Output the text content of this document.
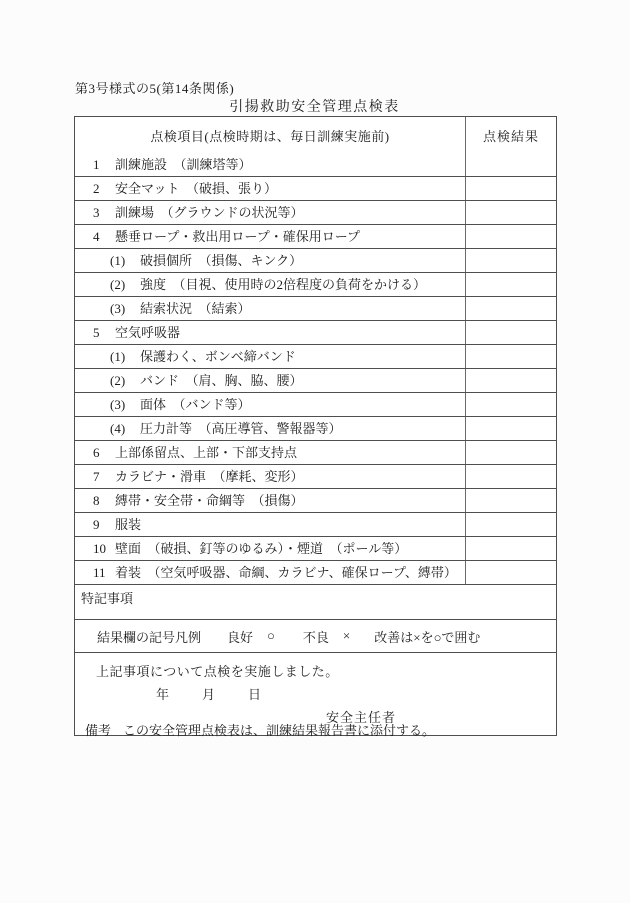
第3号様式の5(第14条関係)
引揚救助安全管理点検表
点検項目(点検時期は、毎日訓練実施前)	点検結果
1	訓練施設　（訓練塔等）
2	安全マット　（破損、張り）
3	訓練場　（グラウンドの状況等）
4	懸垂ロープ・救出用ロープ・確保用ロープ
(1)	破損個所　（損傷、キンク）
(2)	強度　（目視、使用時の2倍程度の負荷をかける）
(3)	結索状況　（結索）
5	空気呼吸器
(1)	保護わく、ボンベ締バンド
(2)	バンド　（肩、胸、脇、腰）
(3)	面体　（バンド等）
(4)	圧力計等　（高圧導管、警報器等）
6	上部係留点、上部・下部支持点
7	カラビナ・滑車　（摩耗、変形）
8	縛帯・安全帯・命綱等　（損傷）
9	服装
10 壁面　（破損、釘等のゆるみ）・煙道　（ポール等）
11 着装　（空気呼吸器、命綱、カラビナ、確保ロープ、縛帯）
特記事項
結果欄の記号凡例 良好 ○ 不良 × 改善は×を○で囲む
上記事項について点検を実施しました。
年	月	日
安全主任者
備考 この安全管理点検表は、訓練結果報告書に添付する。
